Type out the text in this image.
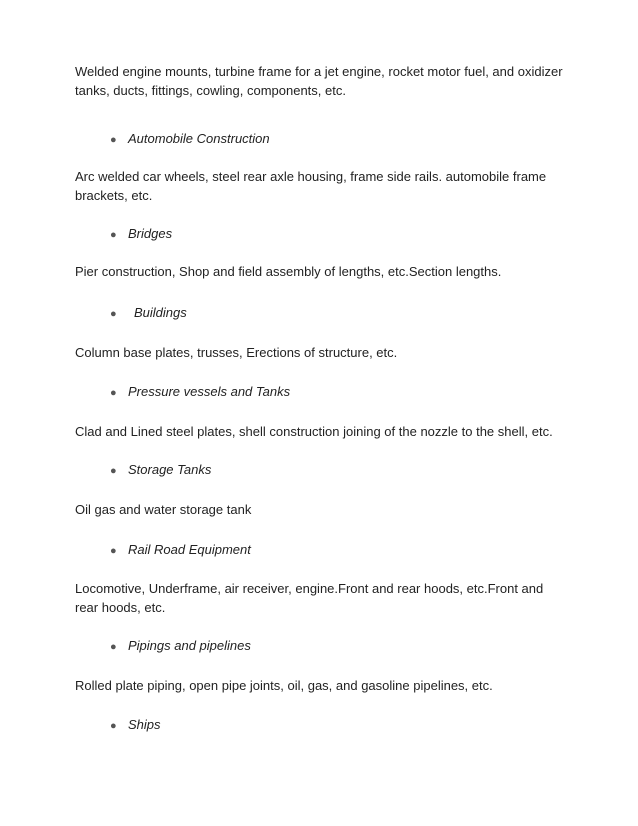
Welded engine mounts, turbine frame for a jet engine, rocket motor fuel, and oxidizer tanks, ducts, fittings, cowling, components, etc.

● Automobile Construction

Arc welded car wheels, steel rear axle housing, frame side rails. automobile frame brackets, etc.

● Bridges

Pier construction, Shop and field assembly of lengths, etc.Section lengths.

● Buildings

Column base plates, trusses, Erections of structure, etc.

● Pressure vessels and Tanks

Clad and Lined steel plates, shell construction joining of the nozzle to the shell, etc.

● Storage Tanks

Oil gas and water storage tank

● Rail Road Equipment

Locomotive, Underframe, air receiver, engine.Front and rear hoods, etc.Front and rear hoods, etc.

● Pipings and pipelines

Rolled plate piping, open pipe joints, oil, gas, and gasoline pipelines, etc.

● Ships
